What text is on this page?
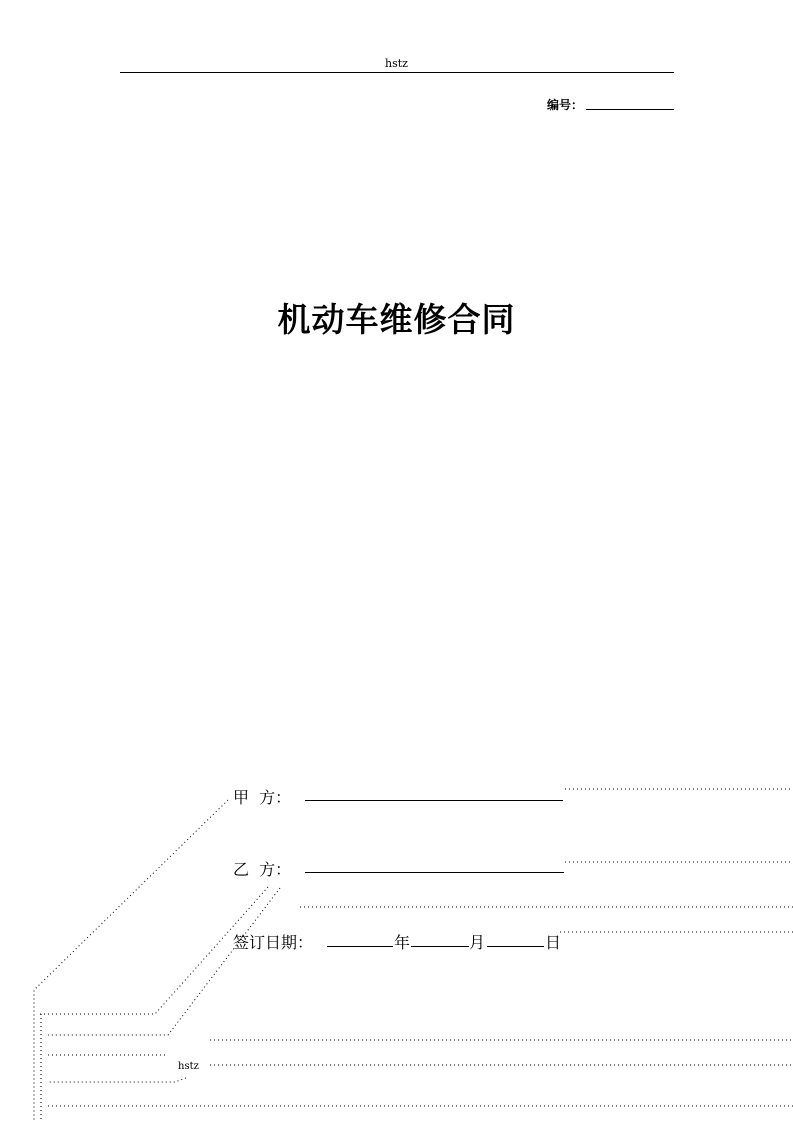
hstz
编号：
机动车维修合同
甲  方：
乙  方：
签订日期：	年	月	日
hstz
